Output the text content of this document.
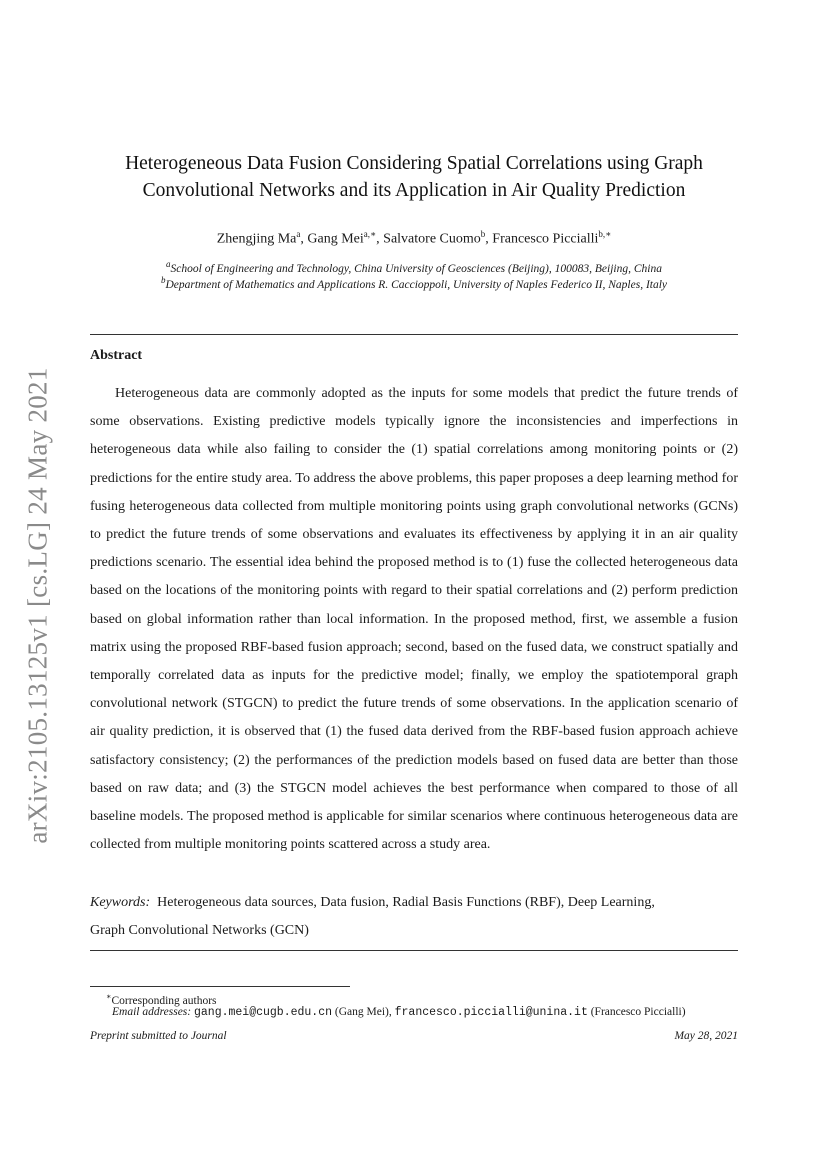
arXiv:2105.13125v1 [cs.LG] 24 May 2021
Heterogeneous Data Fusion Considering Spatial Correlations using Graph
Convolutional Networks and its Application in Air Quality Prediction
Zhengjing Ma$^a$, Gang Mei$^{a,∗}$, Salvatore Cuomo$^b$, Francesco Piccialli$^{b,∗}$
$^a$School of Engineering and Technology, China University of Geosciences (Beijing), 100083, Beijing, China
$^b$Department of Mathematics and Applications R. Caccioppoli, University of Naples Federico II, Naples, Italy
Abstract

Heterogeneous data are commonly adopted as the inputs for some models that predict the future trends of some observations. Existing predictive models typically ignore the inconsistencies and imperfections in heterogeneous data while also failing to consider the (1) spatial correlations among monitoring points or (2) predictions for the entire study area. To address the above problems, this paper proposes a deep learning method for fusing heterogeneous data collected from multiple monitoring points using graph convolutional networks (GCNs) to predict the future trends of some observations and evaluates its effectiveness by applying it in an air quality predictions scenario. The essential idea behind the proposed method is to (1) fuse the collected heterogeneous data based on the locations of the monitoring points with regard to their spatial correlations and (2) perform prediction based on global information rather than local information. In the proposed method, first, we assemble a fusion matrix using the proposed RBF-based fusion approach; second, based on the fused data, we construct spatially and temporally correlated data as inputs for the predictive model; finally, we employ the spatiotemporal graph convolutional network (STGCN) to predict the future trends of some observations. In the application scenario of air quality prediction, it is observed that (1) the fused data derived from the RBF-based fusion approach achieve satisfactory consistency; (2) the performances of the prediction models based on fused data are better than those based on raw data; and (3) the STGCN model achieves the best performance when compared to those of all baseline models. The proposed method is applicable for similar scenarios where continuous heterogeneous data are collected from multiple monitoring points scattered across a study area.

Keywords: Heterogeneous data sources, Data fusion, Radial Basis Functions (RBF), Deep Learning,
Graph Convolutional Networks (GCN)
∗Corresponding authors
Email addresses: gang.mei@cugb.edu.cn (Gang Mei), francesco.piccialli@unina.it (Francesco Piccialli)
Preprint submitted to Journal	May 28, 2021
